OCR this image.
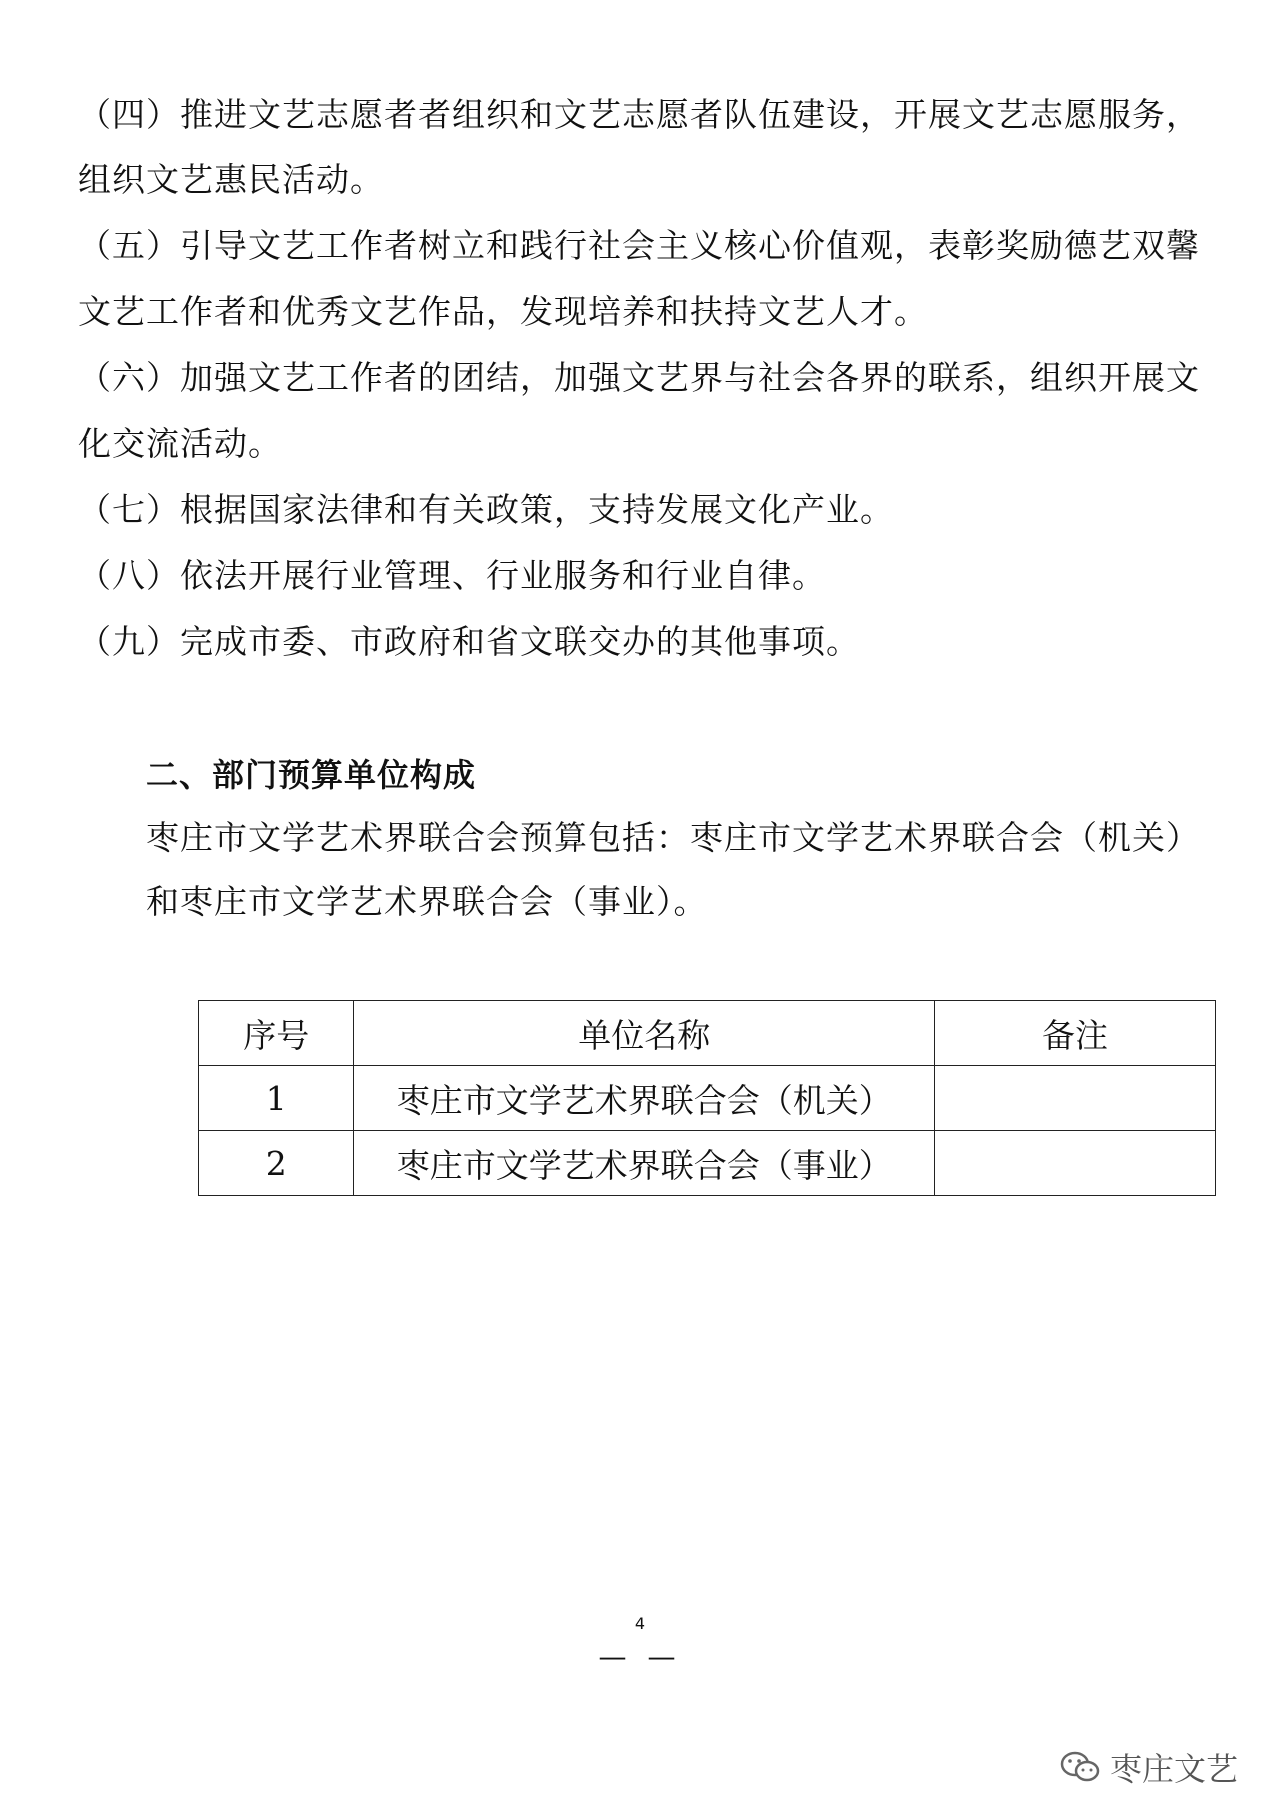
（四）推进文艺志愿者者组织和文艺志愿者队伍建设，开展文艺志愿服务，
组织文艺惠民活动。
（五）引导文艺工作者树立和践行社会主义核心价值观，表彰奖励德艺双馨
文艺工作者和优秀文艺作品，发现培养和扶持文艺人才。
（六）加强文艺工作者的团结，加强文艺界与社会各界的联系，组织开展文
化交流活动。
（七）根据国家法律和有关政策，支持发展文化产业。
（八）依法开展行业管理、行业服务和行业自律。
（九）完成市委、市政府和省文联交办的其他事项。
二、部门预算单位构成
枣庄市文学艺术界联合会预算包括：枣庄市文学艺术界联合会（机关）
和枣庄市文学艺术界联合会（事业）。
序号	单位名称	备注
1	枣庄市文学艺术界联合会（机关）	
2	枣庄市文学艺术界联合会（事业）	
4
— —
枣庄文艺
